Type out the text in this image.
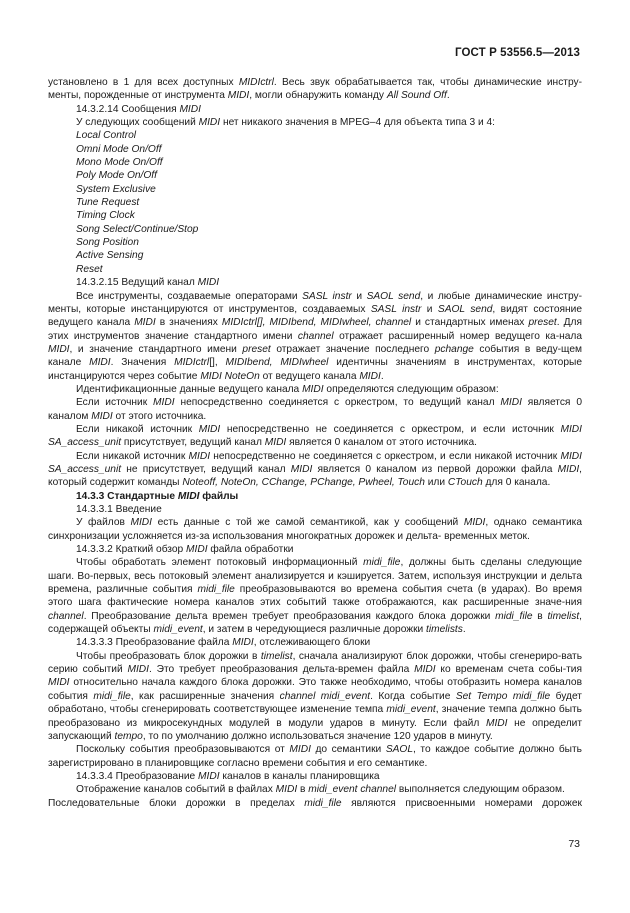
ГОСТ Р 53556.5—2013

установлено в 1 для всех доступных MIDIctrl. Весь звук обрабатывается так, чтобы динамические инстру-менты, порожденные от инструмента MIDI, могли обнаружить команду All Sound Off.

14.3.2.14 Сообщения MIDI

У следующих сообщений MIDI нет никакого значения в MPEG–4 для объекта типа 3 и 4:

Local Control

Omni Mode On/Off

Mono Mode On/Off

Poly Mode On/Off

System Exclusive

Tune Request

Timing Clock

Song Select/Continue/Stop

Song Position

Active Sensing

Reset

14.3.2.15 Ведущий канал MIDI

Все инструменты, создаваемые операторами SASL instr и SAOL send, и любые динамические инстру-менты, которые инстанцируются от инструментов, создаваемых SASL instr и SAOL send, видят состояние ведущего канала MIDI в значениях MIDIctrl[], MIDIbend, MIDIwheel, channel и стандартных именах preset. Для этих инструментов значение стандартного имени channel отражает расширенный номер ведущего ка-нала MIDI, и значение стандартного имени preset отражает значение последнего pchange события в веду-щем канале MIDI. Значения MIDIctrl[], MIDIbend, MIDIwheel идентичны значениям в инструментах, которые инстанцируются через событие MIDI NoteOn от ведущего канала MIDI.

Идентификационные данные ведущего канала MIDI определяются следующим образом:

Если источник MIDI непосредственно соединяется с оркестром, то ведущий канал MIDI является 0 каналом MIDI от этого источника.

Если никакой источник MIDI непосредственно не соединяется с оркестром, и если источник MIDI SA_access_unit присутствует, ведущий канал MIDI является 0 каналом от этого источника.

Если никакой источник MIDI непосредственно не соединяется с оркестром, и если никакой источник MIDI SA_access_unit не присутствует, ведущий канал MIDI является 0 каналом из первой дорожки файла MIDI, который содержит команды Noteoff, NoteOn, CChange, PChange, Pwheel, Touch или CTouch для 0 канала.

14.3.3 Стандартные MIDI файлы

14.3.3.1 Введение

У файлов MIDI есть данные с той же самой семантикой, как у сообщений MIDI, однако семантика синхронизации усложняется из-за использования многократных дорожек и дельта- временных меток.

14.3.3.2 Краткий обзор MIDI файла обработки

Чтобы обработать элемент потоковый информационный midi_file, должны быть сделаны следующие шаги. Во-первых, весь потоковый элемент анализируется и кэшируется. Затем, используя инструкции и дельта времена, различные события midi_file преобразовываются во времена события счета (в ударах). Во время этого шага фактические номера каналов этих событий также отображаются, как расширенные значе-ния channel. Преобразование дельта времен требует преобразования каждого блока дорожки midi_file в timelist, содержащей объекты midi_event, и затем в чередующиеся различные дорожки timelists.

14.3.3.3 Преобразование файла MIDI, отслеживающего блоки

Чтобы преобразовать блок дорожки в timelist, сначала анализируют блок дорожки, чтобы сгенериро-вать серию событий MIDI. Это требует преобразования дельта-времен файла MIDI ко временам счета собы-тия MIDI относительно начала каждого блока дорожки. Это также необходимо, чтобы отобразить номера каналов события midi_file, как расширенные значения channel midi_event. Когда событие Set Tempo midi_file будет обработано, чтобы сгенерировать соответствующее изменение темпа midi_event, значение темпа должно быть преобразовано из микросекундных модулей в модули ударов в минуту. Если файл MIDI не определит запускающий tempo, то по умолчанию должно использоваться значение 120 ударов в минуту.

Поскольку события преобразовываются от MIDI до семантики SAOL, то каждое событие должно быть зарегистрировано в планировщике согласно времени события и его семантике.

14.3.3.4 Преобразование MIDI каналов в каналы планировщика

Отображение каналов событий в файлах MIDI в midi_event channel выполняется следующим образом.

Последовательные блоки дорожки в пределах midi_file являются присвоенными номерами дорожек

73
